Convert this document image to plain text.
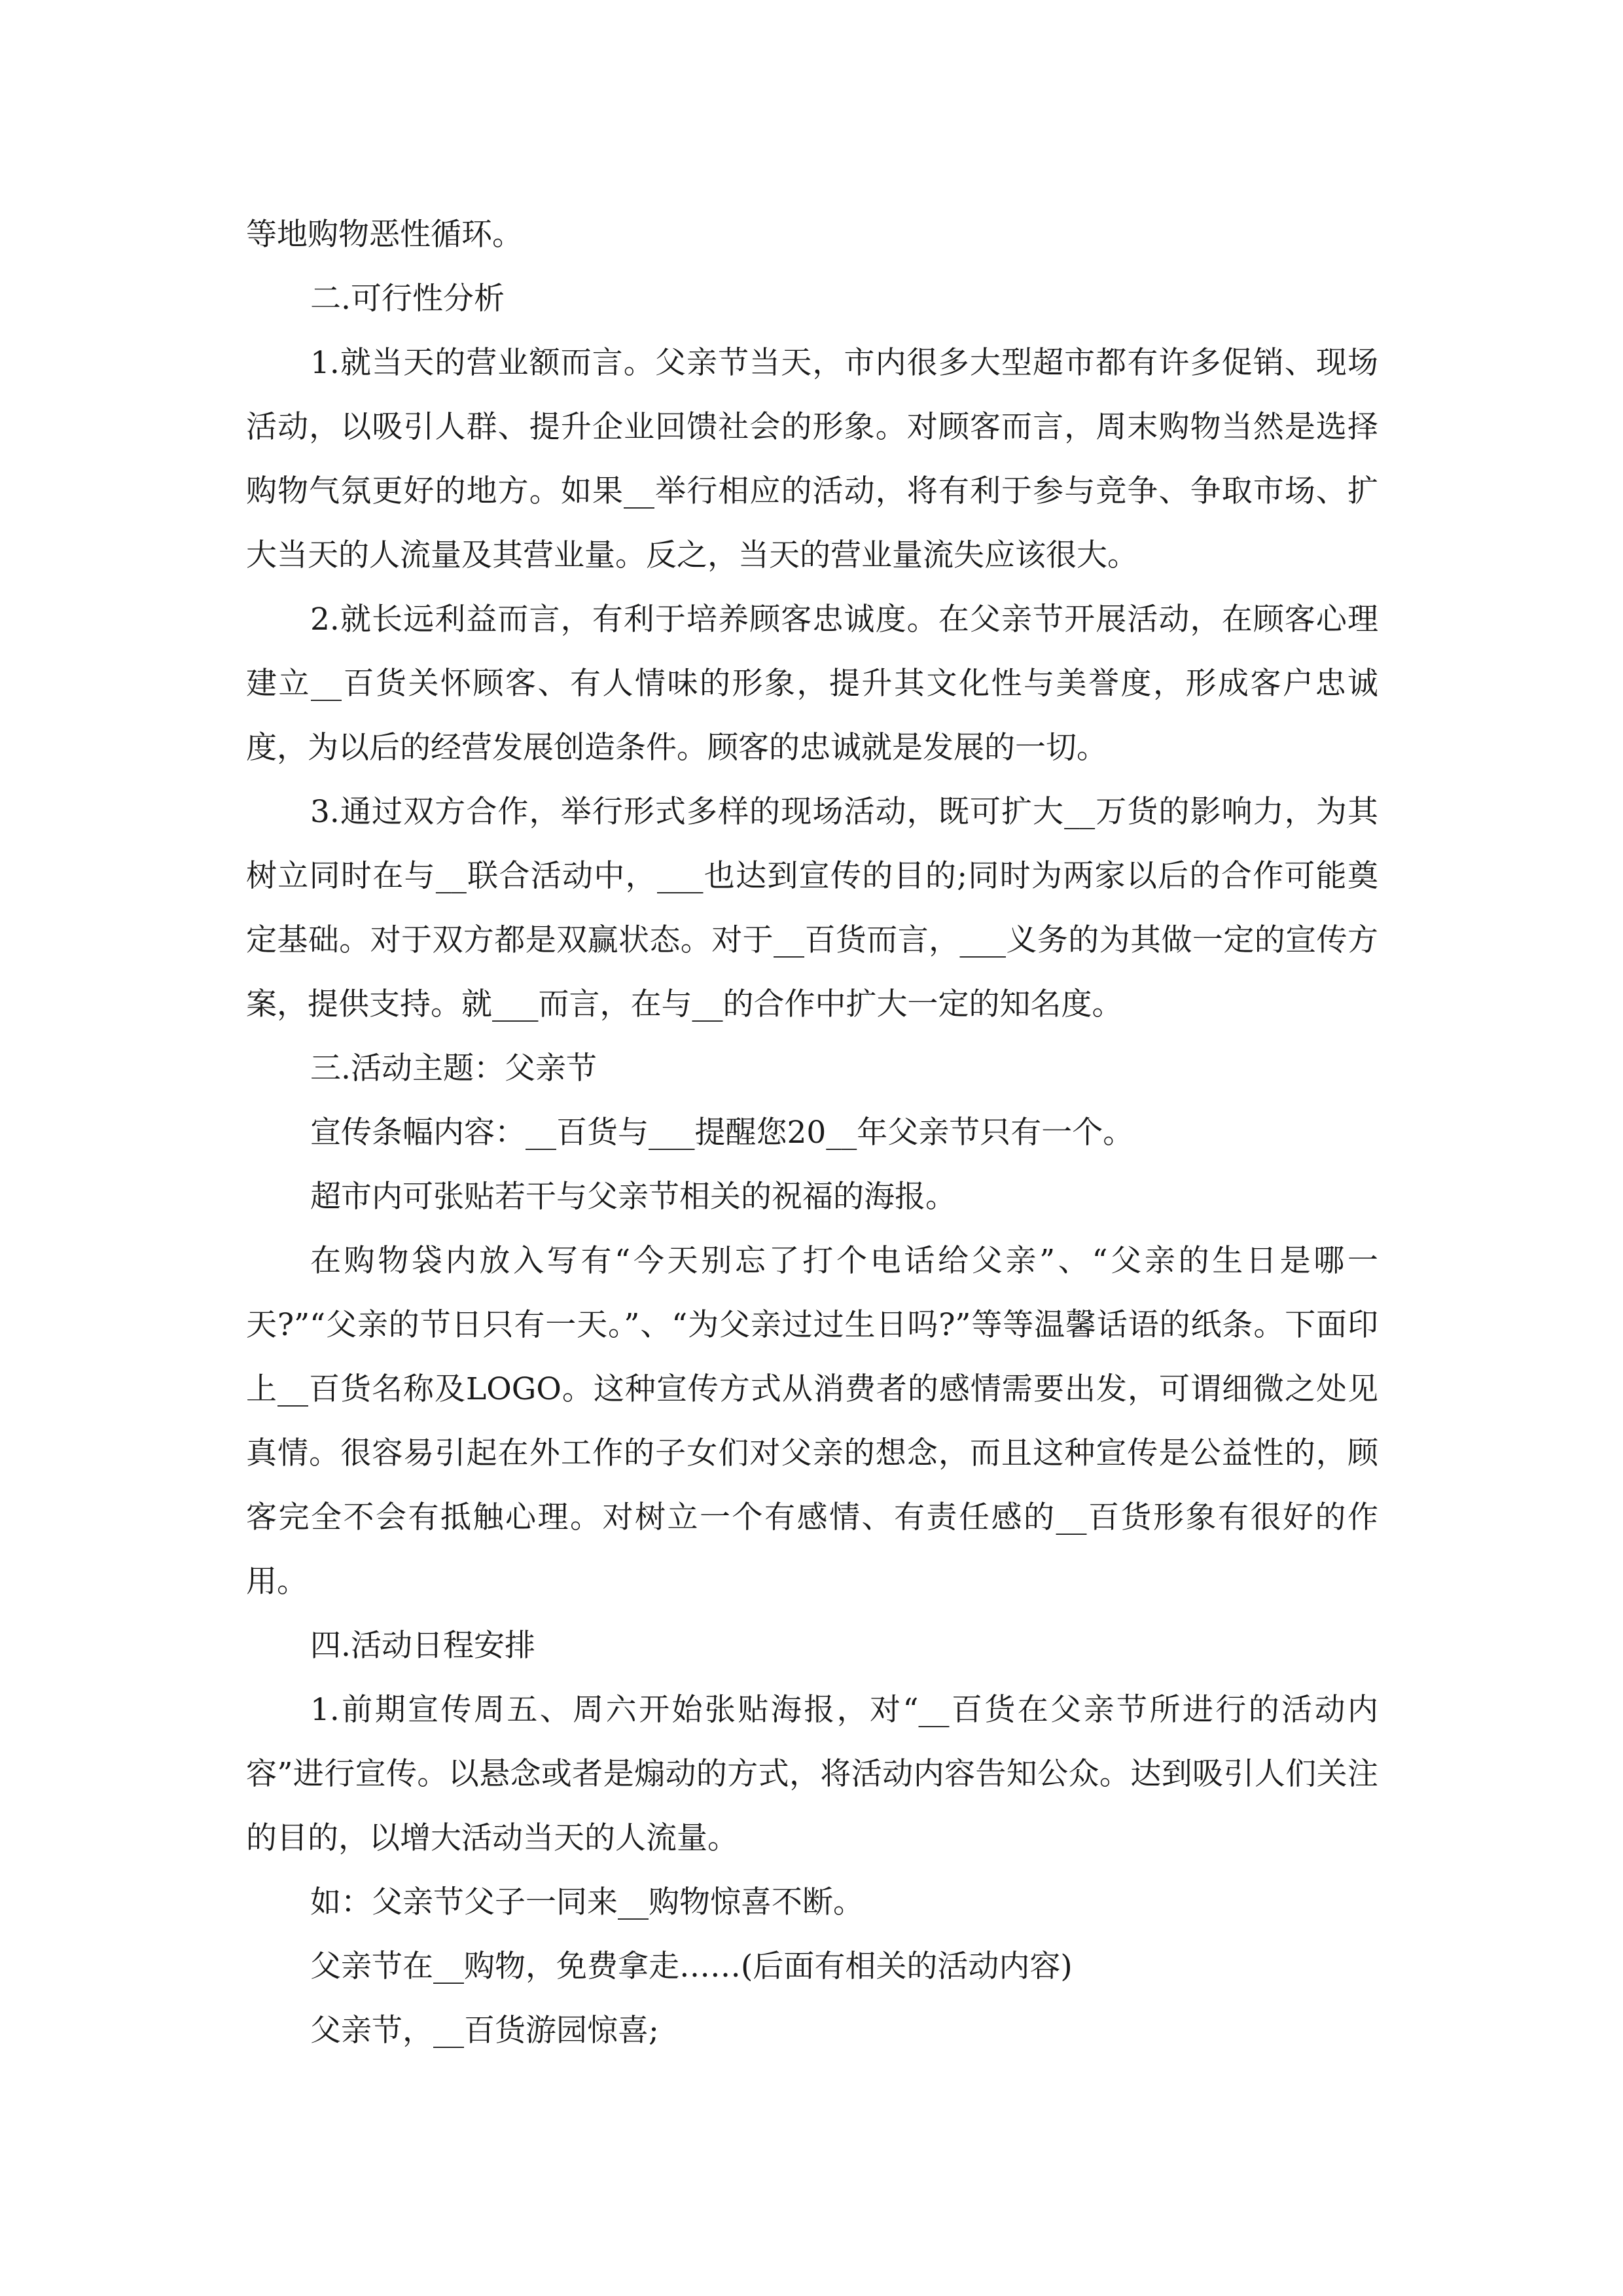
等地购物恶性循环。

二.可行性分析

1.就当天的营业额而言。父亲节当天，市内很多大型超市都有许多促销、现场活动，以吸引人群、提升企业回馈社会的形象。对顾客而言，周末购物当然是选择购物气氛更好的地方。如果__举行相应的活动，将有利于参与竞争、争取市场、扩大当天的人流量及其营业量。反之，当天的营业量流失应该很大。

2.就长远利益而言，有利于培养顾客忠诚度。在父亲节开展活动，在顾客心理建立__百货关怀顾客、有人情味的形象，提升其文化性与美誉度，形成客户忠诚度，为以后的经营发展创造条件。顾客的忠诚就是发展的一切。

3.通过双方合作，举行形式多样的现场活动，既可扩大__万货的影响力，为其树立同时在与__联合活动中，___也达到宣传的目的;同时为两家以后的合作可能奠定基础。对于双方都是双赢状态。对于__百货而言，___义务的为其做一定的宣传方案，提供支持。就___而言，在与__的合作中扩大一定的知名度。

三.活动主题：父亲节

宣传条幅内容：__百货与___提醒您20__年父亲节只有一个。

超市内可张贴若干与父亲节相关的祝福的海报。

在购物袋内放入写有“今天别忘了打个电话给父亲”、“父亲的生日是哪一天?”“父亲的节日只有一天。”、“为父亲过过生日吗?”等等温馨话语的纸条。下面印上__百货名称及LOGO。这种宣传方式从消费者的感情需要出发，可谓细微之处见真情。很容易引起在外工作的子女们对父亲的想念，而且这种宣传是公益性的，顾客完全不会有抵触心理。对树立一个有感情、有责任感的__百货形象有很好的作用。

四.活动日程安排

1.前期宣传周五、周六开始张贴海报，对“__百货在父亲节所进行的活动内容”进行宣传。以悬念或者是煽动的方式，将活动内容告知公众。达到吸引人们关注的目的，以增大活动当天的人流量。

如：父亲节父子一同来__购物惊喜不断。

父亲节在__购物，免费拿走……(后面有相关的活动内容)

父亲节，__百货游园惊喜;
